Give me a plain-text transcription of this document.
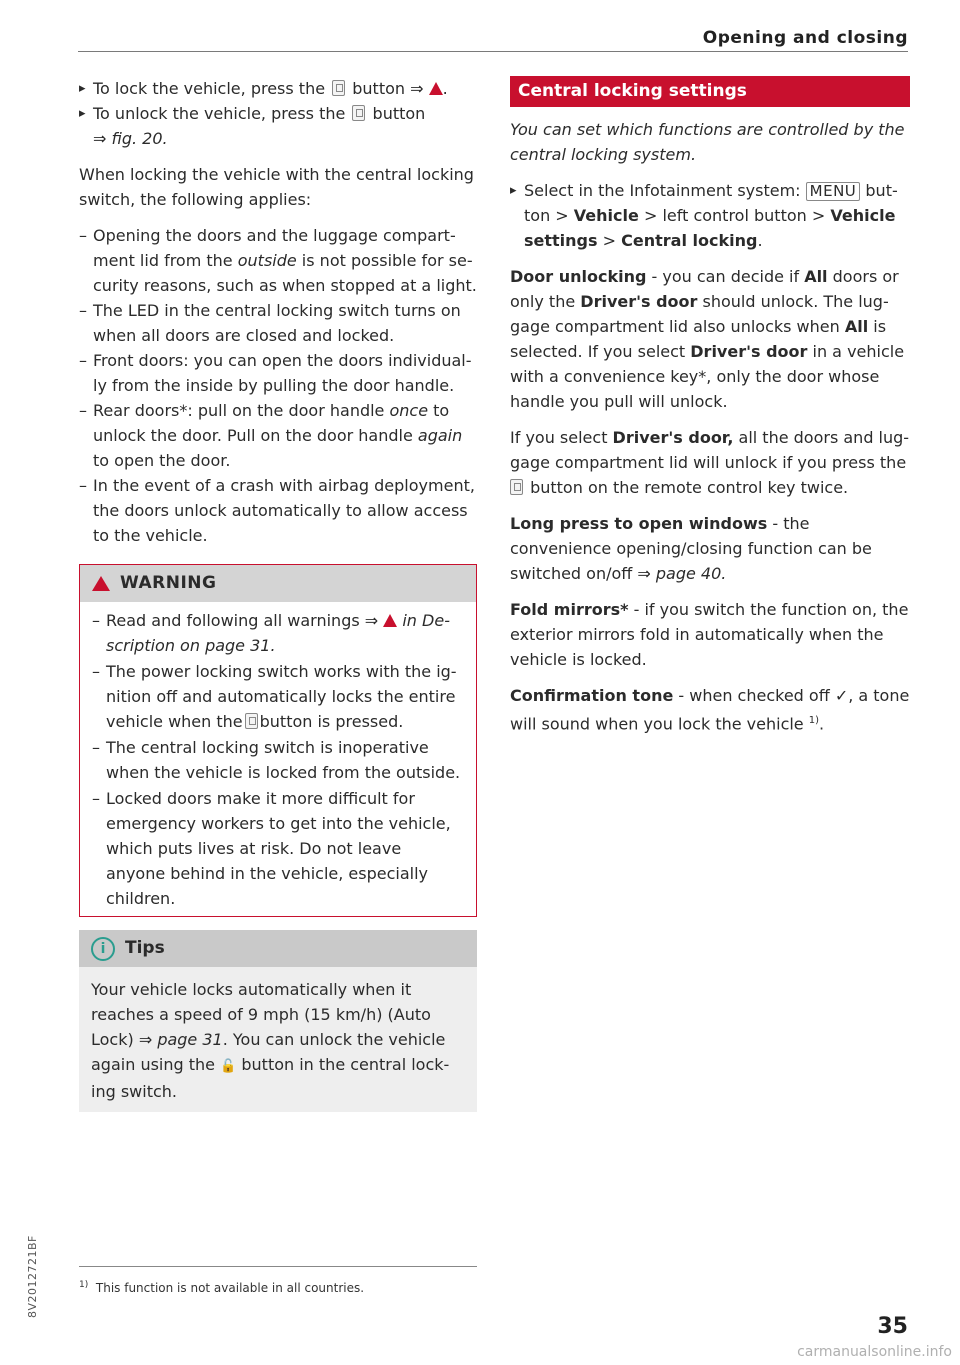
Opening and closing
▸ To lock the vehicle, press the button ⇒ .
▸ To unlock the vehicle, press the button
⇒ fig. 20.

When locking the vehicle with the central locking switch, the following applies:

– Opening the doors and the luggage compartment lid from the outside is not possible for security reasons, such as when stopped at a light.
– The LED in the central locking switch turns on when all doors are closed and locked.
– Front doors: you can open the doors individually from the inside by pulling the door handle.
– Rear doors*: pull on the door handle once to unlock the door. Pull on the door handle again to open the door.
– In the event of a crash with airbag deployment, the doors unlock automatically to allow access to the vehicle.
WARNING
– Read and following all warnings ⇒  in Description on page 31.
– The power locking switch works with the ignition off and automatically locks the entire vehicle when the button is pressed.
– The central locking switch is inoperative when the vehicle is locked from the outside.
– Locked doors make it more difficult for emergency workers to get into the vehicle, which puts lives at risk. Do not leave anyone behind in the vehicle, especially children.
i	Tips
Your vehicle locks automatically when it reaches a speed of 9 mph (15 km/h) (Auto Lock) ⇒ page 31. You can unlock the vehicle again using the 🔓 button in the central locking switch.
Central locking settings

You can set which functions are controlled by the central locking system.

▸ Select in the Infotainment system: MENU button > Vehicle > left control button > Vehicle settings > Central locking.

Door unlocking - you can decide if All doors or only the Driver's door should unlock. The luggage compartment lid also unlocks when All is selected. If you select Driver's door in a vehicle with a convenience key*, only the door whose handle you pull will unlock.

If you select Driver's door, all the doors and luggage compartment lid will unlock if you press the
button on the remote control key twice.

Long press to open windows - the convenience opening/closing function can be switched on/off ⇒ page 40.

Fold mirrors* - if you switch the function on, the exterior mirrors fold in automatically when the vehicle is locked.

Confirmation tone - when checked off ✓, a tone will sound when you lock the vehicle $^{1)}$.

$^{1)}$ This function is not available in all countries.
8V2012721BF
35
carmanualsonline.info
